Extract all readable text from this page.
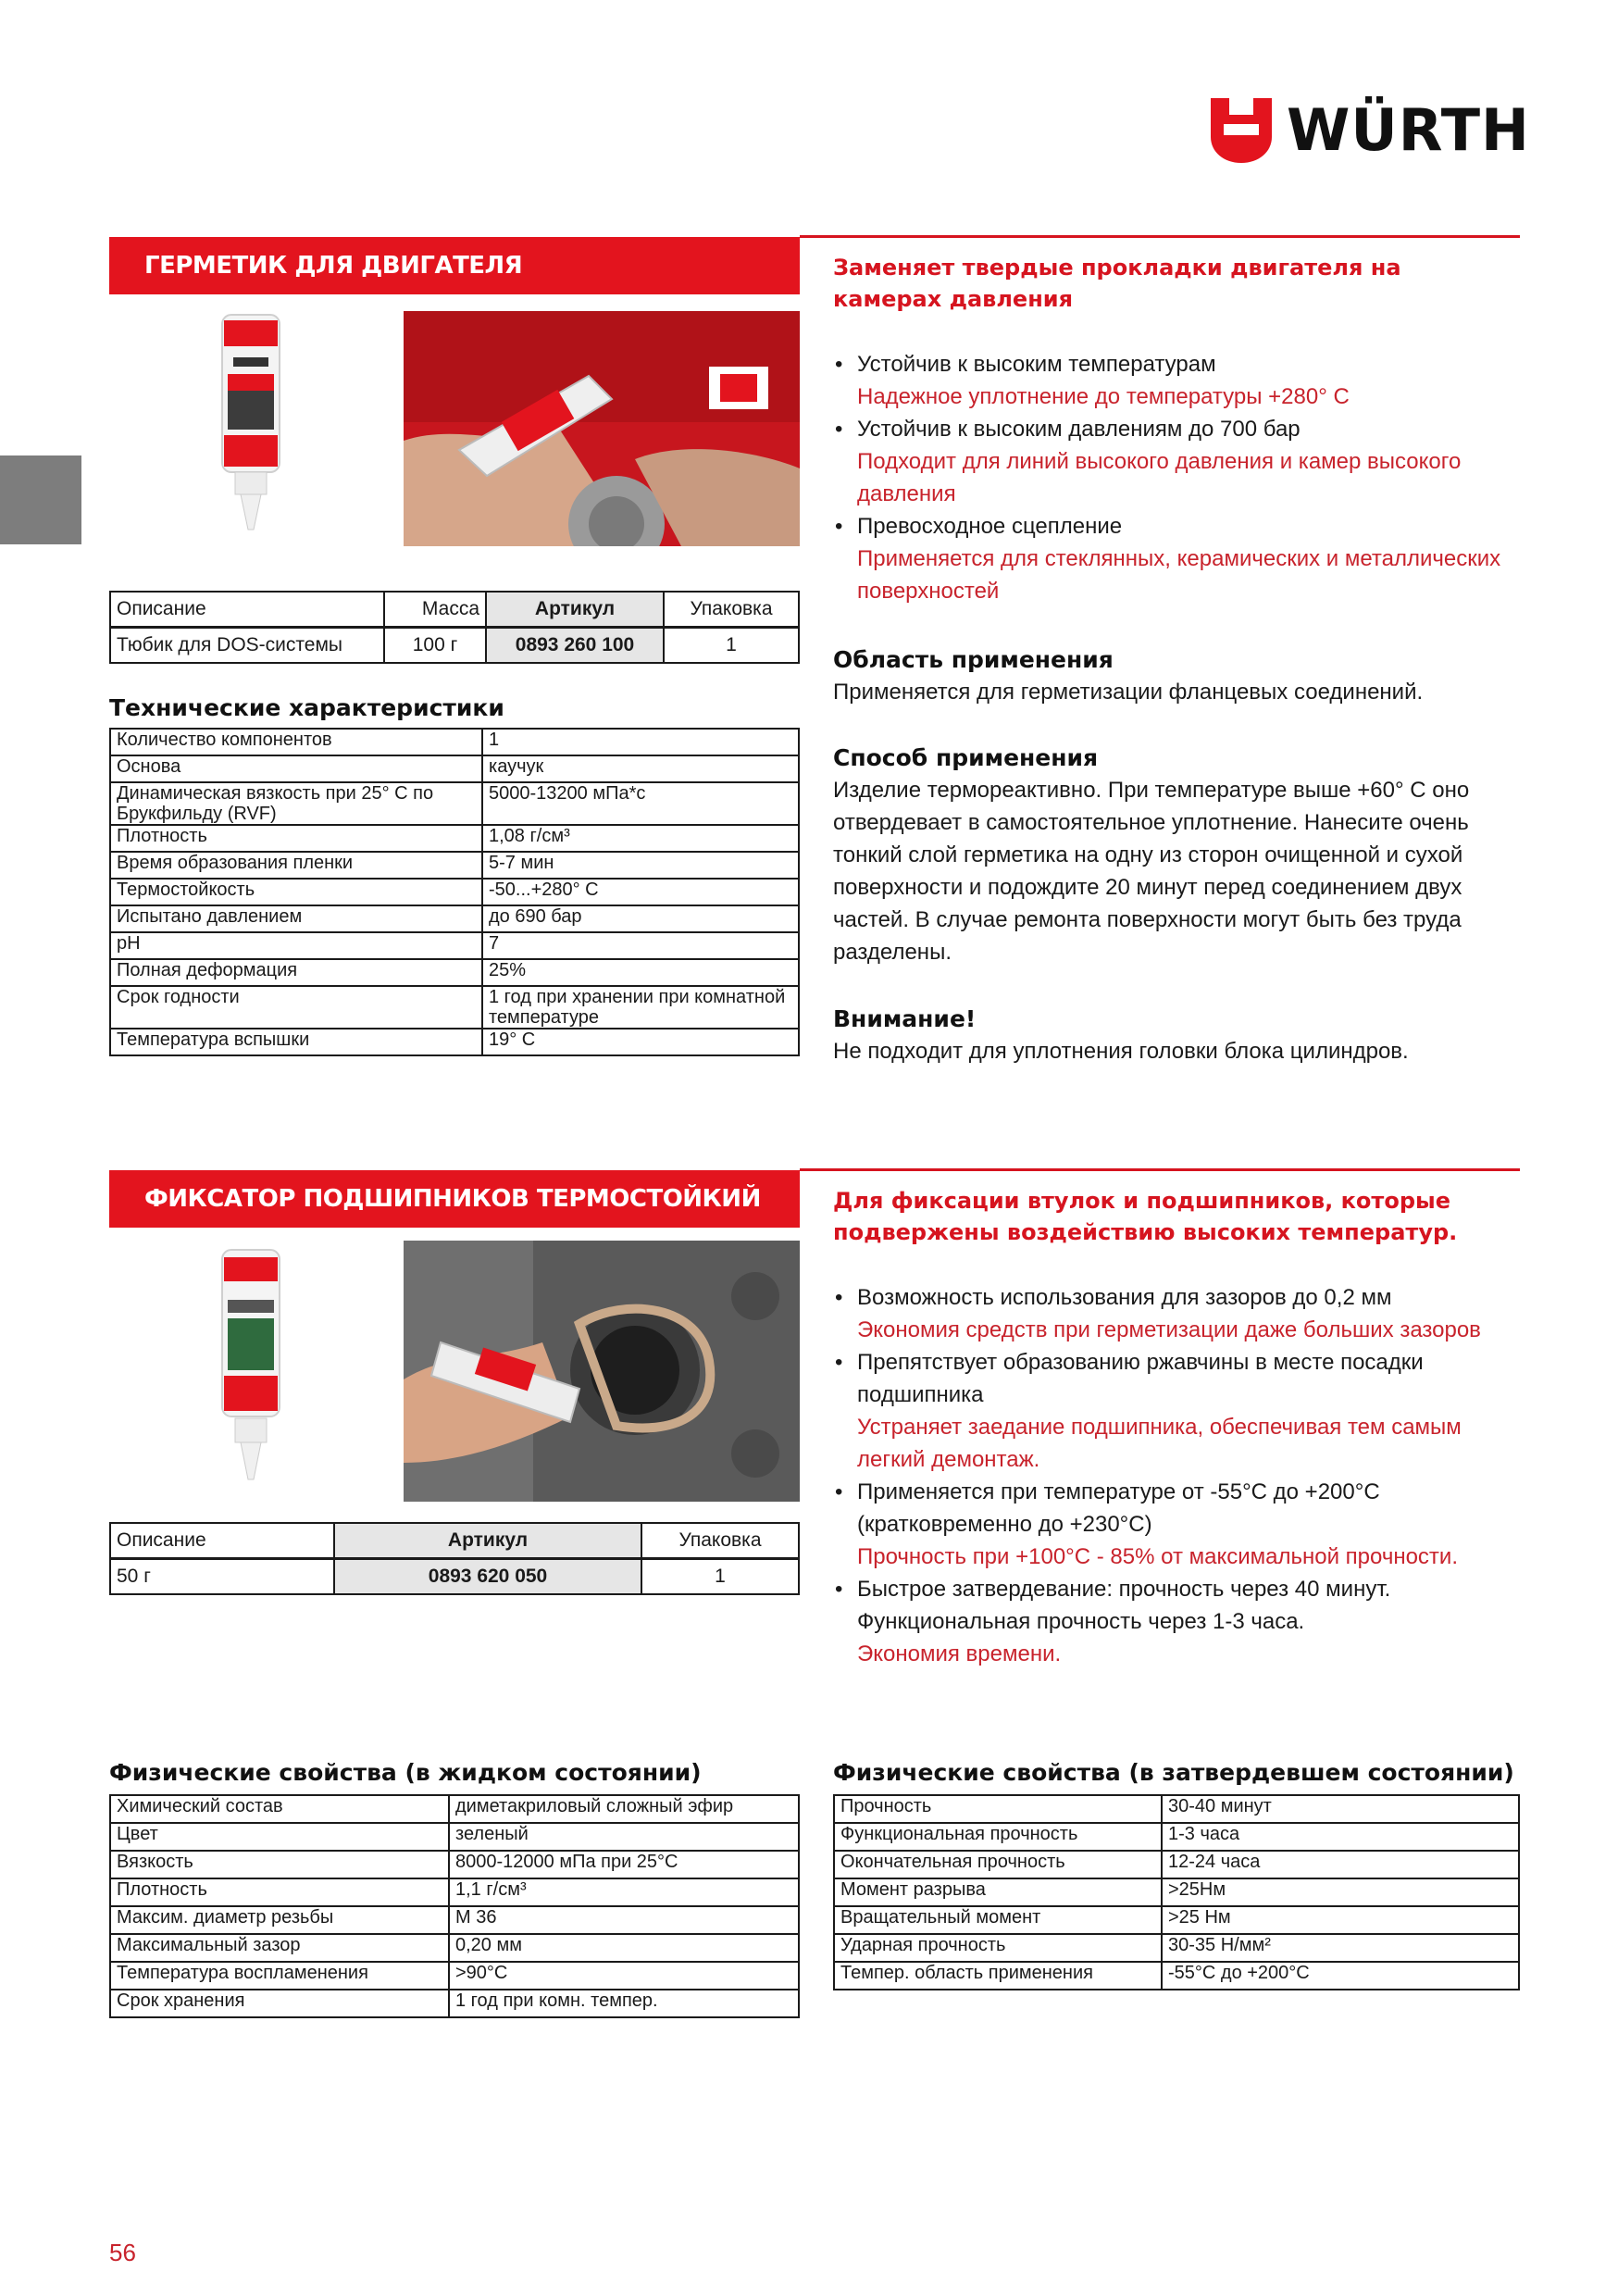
WÜRTH
ГЕРМЕТИК ДЛЯ ДВИГАТЕЛЯ
Описание	Масса	Артикул	Упаковка
Тюбик для DOS-системы	100 г	0893 260 100	1
Технические характеристики
Количество компонентов	1
Основа	каучук
Динамическая вязкость при 25° С по Брукфильду (RVF)	5000-13200 мПа*с
Плотность	1,08 г/см³
Время образования пленки	5-7 мин
Термостойкость	-50...+280° С
Испытано давлением	до 690 бар
pH	7
Полная деформация	25%
Срок годности	1 год при хранении при комнатной температуре
Температура вспышки	19° С
Заменяет твердые прокладки двигателя на камерах давления
• Устойчив к высоким температурам
Надежное уплотнение до температуры +280° С
• Устойчив к высоким давлениям до 700 бар
Подходит для линий высокого давления и камер высокого давления
• Превосходное сцепление
Применяется для стеклянных, керамических и металлических поверхностей
Область применения
Применяется для герметизации фланцевых соединений.
Способ применения
Изделие термореактивно. При температуре выше +60° С оно отвердевает в самостоятельное уплотнение. Нанесите очень тонкий слой герметика на одну из сторон очищенной и сухой поверхности и подождите 20 минут перед соединением двух частей. В случае ремонта поверхности могут быть без труда разделены.
Внимание!
Не подходит для уплотнения головки блока цилиндров.
ФИКСАТОР ПОДШИПНИКОВ ТЕРМОСТОЙКИЙ
Описание	Артикул	Упаковка
50 г	0893 620 050	1
Для фиксации втулок и подшипников, которые подвержены воздействию высоких температур.
• Возможность использования для зазоров до 0,2 мм
Экономия средств при герметизации даже больших зазоров
• Препятствует образованию ржавчины в месте посадки подшипника
Устраняет заедание подшипника, обеспечивая тем самым легкий демонтаж.
• Применяется при температуре от -55°С до +200°С (кратковременно до +230°С)
Прочность при +100°С - 85% от максимальной прочности.
• Быстрое затвердевание: прочность через 40 минут. Функциональная прочность через 1-3 часа.
Экономия времени.
Физические свойства (в жидком состоянии)
Химический состав	диметакриловый сложный эфир
Цвет	зеленый
Вязкость	8000-12000 мПа при 25°С
Плотность	1,1 г/см³
Максим. диаметр резьбы	М 36
Максимальный зазор	0,20 мм
Температура воспламенения	>90°С
Срок хранения	1 год при комн. темпер.
Физические свойства (в затвердевшем состоянии)
Прочность	30-40 минут
Функциональная прочность	1-3 часа
Окончательная прочность	12-24 часа
Момент разрыва	>25Нм
Вращательный момент	>25 Нм
Ударная прочность	30-35 Н/мм²
Темпер. область применения	-55°С до +200°С
56
